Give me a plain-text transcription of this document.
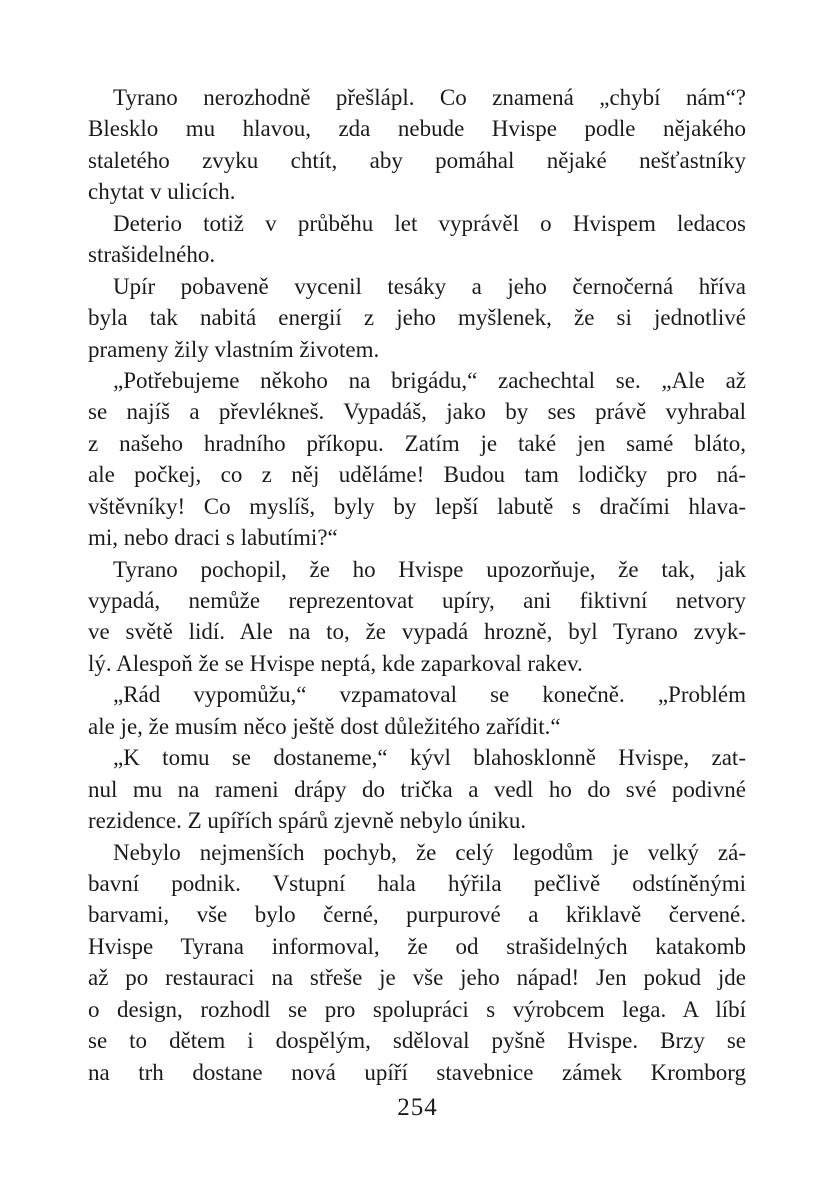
Tyrano nerozhodně přešlápl. Co znamená „chybí nám“?
Blesklo mu hlavou, zda nebude Hvispe podle nějakého
staletého zvyku chtít, aby pomáhal nějaké nešťastníky
chytat v ulicích.
Deterio totiž v průběhu let vyprávěl o Hvispem ledacos
strašidelného.
Upír pobaveně vycenil tesáky a jeho černočerná hříva
byla tak nabitá energií z jeho myšlenek, že si jednotlivé
prameny žily vlastním životem.
„Potřebujeme někoho na brigádu,“ zachechtal se. „Ale až
se najíš a převlékneš. Vypadáš, jako by ses právě vyhrabal
z našeho hradního příkopu. Zatím je také jen samé bláto,
ale počkej, co z něj uděláme! Budou tam lodičky pro ná-
vštěvníky! Co myslíš, byly by lepší labutě s dračími hlava-
mi, nebo draci s labutími?“
Tyrano pochopil, že ho Hvispe upozorňuje, že tak, jak
vypadá, nemůže reprezentovat upíry, ani fiktivní netvory
ve světě lidí. Ale na to, že vypadá hrozně, byl Tyrano zvyk-
lý. Alespoň že se Hvispe neptá, kde zaparkoval rakev.
„Rád vypomůžu,“ vzpamatoval se konečně. „Problém
ale je, že musím něco ještě dost důležitého zařídit.“
„K tomu se dostaneme,“ kývl blahosklonně Hvispe, zat-
nul mu na rameni drápy do trička a vedl ho do své podivné
rezidence. Z upířích spárů zjevně nebylo úniku.
Nebylo nejmenších pochyb, že celý legodům je velký zá-
bavní podnik. Vstupní hala hýřila pečlivě odstíněnými
barvami, vše bylo černé, purpurové a křiklavě červené.
Hvispe Tyrana informoval, že od strašidelných katakomb
až po restauraci na střeše je vše jeho nápad! Jen pokud jde
o design, rozhodl se pro spolupráci s výrobcem lega. A líbí
se to dětem i dospělým, sděloval pyšně Hvispe. Brzy se
na trh dostane nová upíří stavebnice zámek Kromborg
254
